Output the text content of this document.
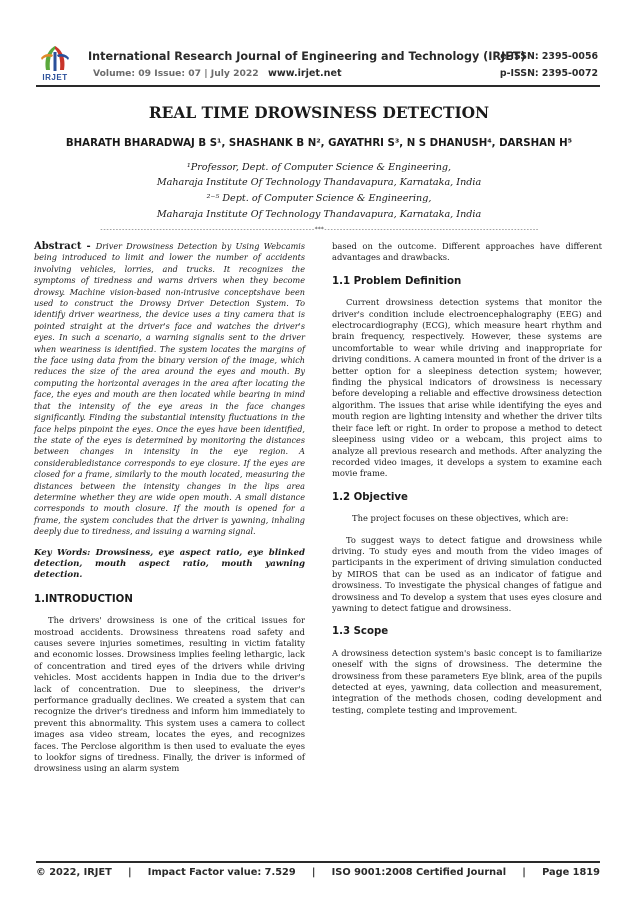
IRJET
International Research Journal of Engineering and Technology (IRJET)
Volume: 09 Issue: 07 | July 2022 www.irjet.net
e-ISSN: 2395-0056
p-ISSN: 2395-0072
REAL TIME DROWSINESS DETECTION
BHARATH BHARADWAJ B S¹, SHASHANK B N², GAYATHRI S³, N S DHANUSH⁴, DARSHAN H⁵
¹Professor, Dept. of Computer Science & Engineering,
Maharaja Institute Of Technology Thandavapura, Karnataka, India
²⁻⁵ Dept. of Computer Science & Engineering,
Maharaja Institute Of Technology Thandavapura, Karnataka, India
---------------------------------------------------------------------***---------------------------------------------------------------------

Abstract - Driver Drowsiness Detection by Using Webcamis being introduced to limit and lower the number of accidents involving vehicles, lorries, and trucks. It recognizes the symptoms of tiredness and warns drivers when they become drowsy. Machine vision-based non-intrusive conceptshave been used to construct the Drowsy Driver Detection System. To identify driver weariness, the device uses a tiny camera that is pointed straight at the driver's face and watches the driver's eyes. In such a scenario, a warning signalis sent to the driver when weariness is identified. The system locates the margins of the face using data from the binary version of the image, which reduces the size of the area around the eyes and mouth. By computing the horizontal averages in the area after locating the face, the eyes and mouth are then located while bearing in mind that the intensity of the eye areas in the face changes significantly. Finding the substantial intensity fluctuations in the face helps pinpoint the eyes. Once the eyes have been identified, the state of the eyes is determined by monitoring the distances between changes in intensity in the eye region. A considerabledistance corresponds to eye closure. If the eyes are closed for a frame, similarly to the mouth located, measuring the distances between the intensity changes in the lips area determine whether they are wide open mouth. A small distance corresponds to mouth closure. If the mouth is opened for a frame, the system concludes that the driver is yawning, inhaling deeply due to tiredness, and issuing a warning signal.

Key Words: Drowsiness, eye aspect ratio, eye blinked detection, mouth aspect ratio, mouth yawning detection.

1.INTRODUCTION

The drivers' drowsiness is one of the critical issues for mostroad accidents. Drowsiness threatens road safety and causes severe injuries sometimes, resulting in victim fatality and economic losses. Drowsiness implies feeling lethargic, lack of concentration and tired eyes of the drivers while driving vehicles. Most accidents happen in India due to the driver's lack of concentration. Due to sleepiness, the driver's performance gradually declines. We created a system that can recognize the driver's tiredness and inform him immediately to prevent this abnormality. This system uses a camera to collect images asa video stream, locates the eyes, and recognizes faces. The Perclose algorithm is then used to evaluate the eyes to lookfor signs of tiredness. Finally, the driver is informed of drowsiness using an alarm system

based on the outcome. Different approaches have different advantages and drawbacks.

1.1 Problem Definition

Current drowsiness detection systems that monitor the driver's condition include electroencephalography (EEG) and electrocardiography (ECG), which measure heart rhythm and brain frequency, respectively. However, these systems are uncomfortable to wear while driving and inappropriate for driving conditions. A camera mounted in front of the driver is a better option for a sleepiness detection system; however, finding the physical indicators of drowsiness is necessary before developing a reliable and effective drowsiness detection algorithm. The issues that arise while identifying the eyes and mouth region are lighting intensity and whether the driver tilts their face left or right. In order to propose a method to detect sleepiness using video or a webcam, this project aims to analyze all previous research and methods. After analyzing the recorded video images, it develops a system to examine each movie frame.

1.2 Objective

The project focuses on these objectives, which are:

To suggest ways to detect fatigue and drowsiness while driving. To study eyes and mouth from the video images of participants in the experiment of driving simulation conducted by MIROS that can be used as an indicator of fatigue and drowsiness. To investigate the physical changes of fatigue and drowsiness and To develop a system that uses eyes closure and yawning to detect fatigue and drowsiness.

1.3 Scope

A drowsiness detection system's basic concept is to familiarize oneself with the signs of drowsiness. The determine the drowsiness from these parameters Eye blink, area of the pupils detected at eyes, yawning, data collection and measurement, integration of the methods chosen, coding development and testing, complete testing and improvement.

© 2022, IRJET | Impact Factor value: 7.529 | ISO 9001:2008 Certified Journal | Page 1819
